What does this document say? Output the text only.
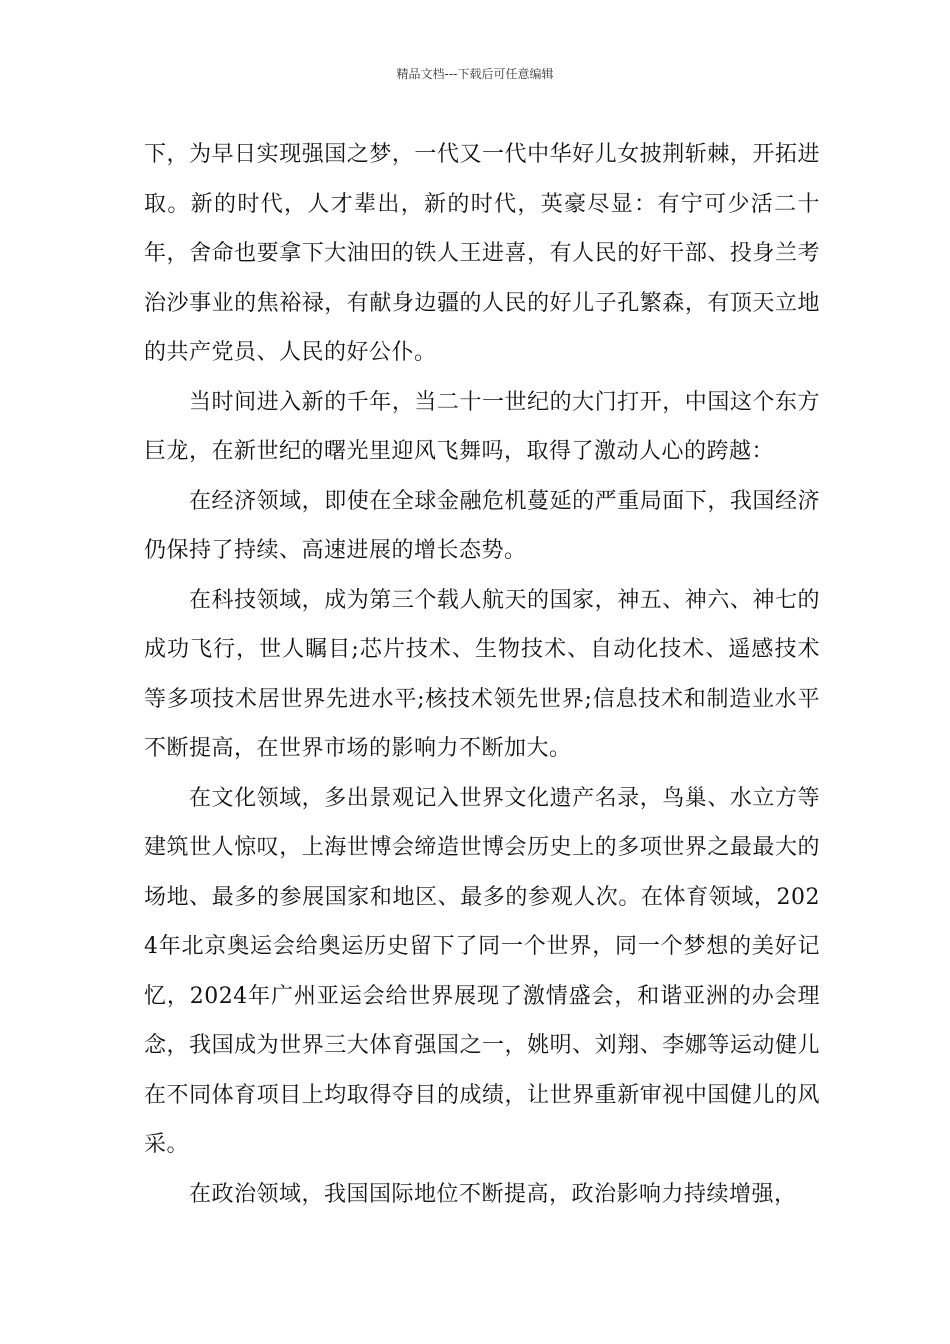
精品文档---下载后可任意编辑

下，为早日实现强国之梦，一代又一代中华好儿女披荆斩棘，开拓进取。新的时代，人才辈出，新的时代，英豪尽显：有宁可少活二十年，舍命也要拿下大油田的铁人王进喜，有人民的好干部、投身兰考治沙事业的焦裕禄，有献身边疆的人民的好儿子孔繁森，有顶天立地的共产党员、人民的好公仆。

当时间进入新的千年，当二十一世纪的大门打开，中国这个东方巨龙，在新世纪的曙光里迎风飞舞吗，取得了激动人心的跨越：

在经济领域，即使在全球金融危机蔓延的严重局面下，我国经济仍保持了持续、高速进展的增长态势。

在科技领域，成为第三个载人航天的国家，神五、神六、神七的成功飞行，世人瞩目;芯片技术、生物技术、自动化技术、遥感技术等多项技术居世界先进水平;核技术领先世界;信息技术和制造业水平不断提高，在世界市场的影响力不断加大。

在文化领域，多出景观记入世界文化遗产名录，鸟巢、水立方等建筑世人惊叹，上海世博会缔造世博会历史上的多项世界之最最大的场地、最多的参展国家和地区、最多的参观人次。在体育领域，2024年北京奥运会给奥运历史留下了同一个世界，同一个梦想的美好记忆，2024年广州亚运会给世界展现了激情盛会，和谐亚洲的办会理念，我国成为世界三大体育强国之一，姚明、刘翔、李娜等运动健儿在不同体育项目上均取得夺目的成绩，让世界重新审视中国健儿的风采。

在政治领域，我国国际地位不断提高，政治影响力持续增强，
